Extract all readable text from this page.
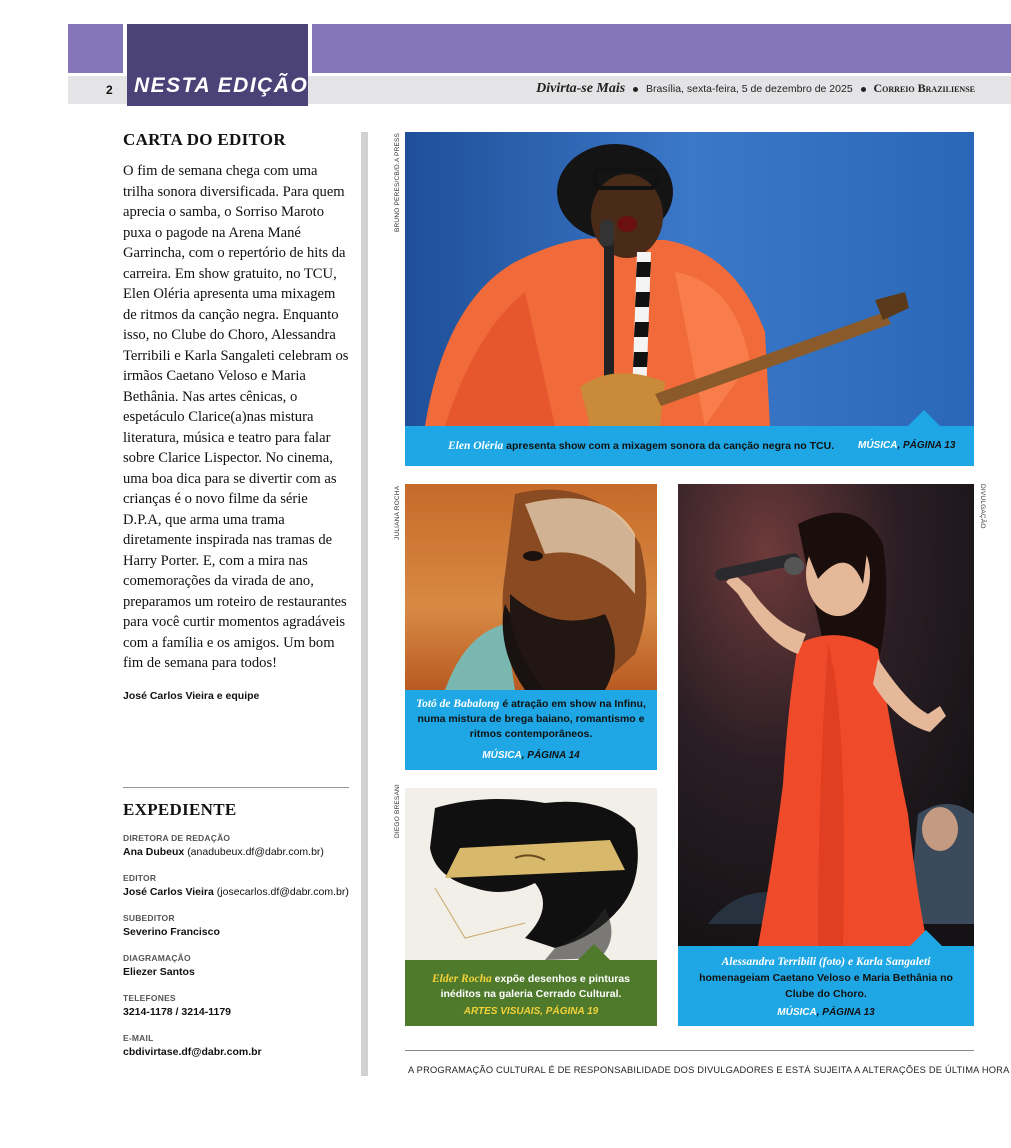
NESTA EDIÇÃO
2	Divirta-se Mais Brasília, sexta-feira, 5 de dezembro de 2025 Correio Braziliense
CARTA DO EDITOR
O fim de semana chega com uma trilha sonora diversificada. Para quem aprecia o samba, o Sorriso Maroto puxa o pagode na Arena Mané Garrincha, com o repertório de hits da carreira. Em show gratuito, no TCU, Elen Oléria apresenta uma mixagem de ritmos da canção negra. Enquanto isso, no Clube do Choro, Alessandra Terribili e Karla Sangaleti celebram os irmãos Caetano Veloso e Maria Bethânia. Nas artes cênicas, o espetáculo Clarice(a)nas mistura literatura, música e teatro para falar sobre Clarice Lispector. No cinema, uma boa dica para se divertir com as crianças é o novo filme da série D.P.A, que arma uma trama diretamente inspirada nas tramas de Harry Porter. E, com a mira nas comemorações da virada de ano, preparamos um roteiro de restaurantes para você curtir momentos agradáveis com a família e os amigos. Um bom fim de semana para todos!
José Carlos Vieira e equipe
EXPEDIENTE
DIRETORA DE REDAÇÃO
Ana Dubeux (anadubeux.df@dabr.com.br)
EDITOR
José Carlos Vieira (josecarlos.df@dabr.com.br)
SUBEDITOR
Severino Francisco
DIAGRAMAÇÃO
Eliezer Santos
TELEFONES
3214-1178 / 3214-1179
E-MAIL
cbdivirtase.df@dabr.com.br
BRUNO PERES/CB/D.A PRESS
Elen Oléria apresenta show com a mixagem sonora da canção negra no TCU. MÚSICA, PÁGINA 13
JULIANA ROCHA
Totô de Babalong é atração em show na Infinu, numa mistura de brega baiano, romantismo e ritmos contemporâneos.
MÚSICA, PÁGINA 14
DIEGO BRESANI
Elder Rocha expõe desenhos e pinturas inéditos na galeria Cerrado Cultural.
ARTES VISUAIS, PÁGINA 19
DIVULGAÇÃO
Alessandra Terribili (foto) e Karla Sangaleti homenageiam Caetano Veloso e Maria Bethânia no Clube do Choro.
MÚSICA, PÁGINA 13
A PROGRAMAÇÃO CULTURAL É DE RESPONSABILIDADE DOS DIVULGADORES E ESTÁ SUJEITA A ALTERAÇÕES DE ÚLTIMA HORA
